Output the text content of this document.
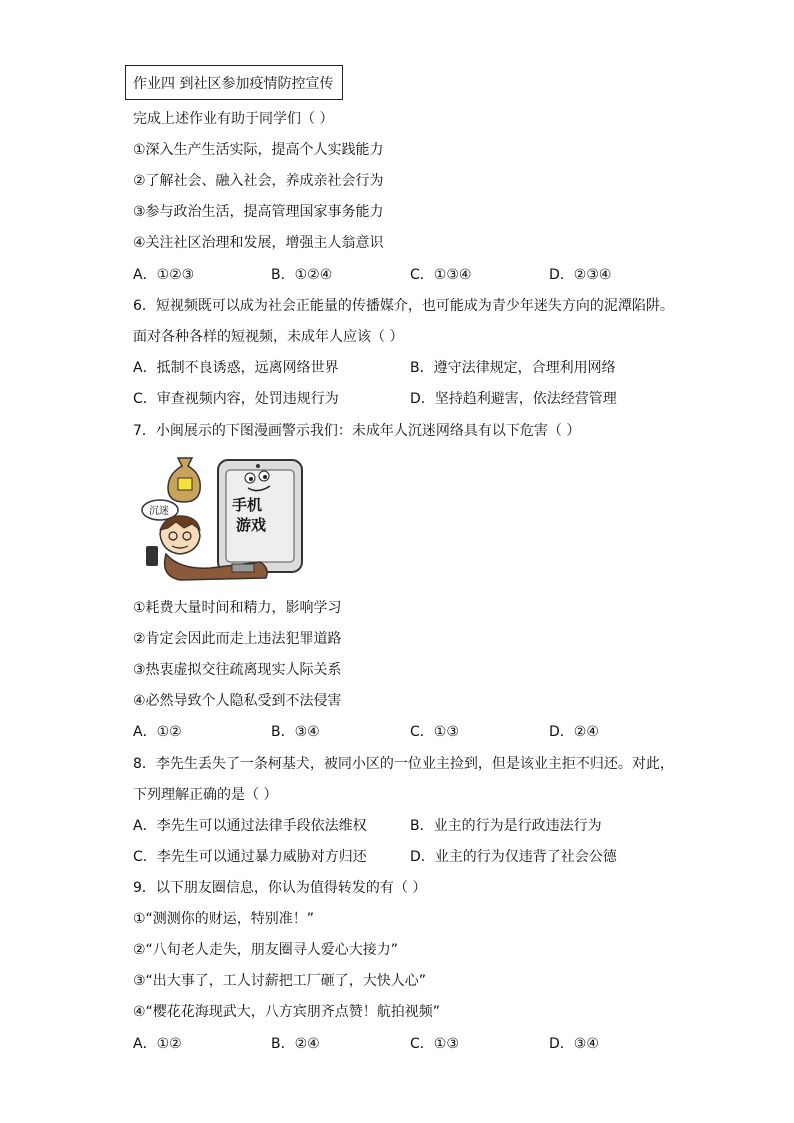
作业四 到社区参加疫情防控宣传
完成上述作业有助于同学们（ ）
①深入生产生活实际，提高个人实践能力
②了解社会、融入社会，养成亲社会行为
③参与政治生活，提高管理国家事务能力
④关注社区治理和发展，增强主人翁意识
A．①②③	B．①②④	C．①③④	D．②③④
6．短视频既可以成为社会正能量的传播媒介，也可能成为青少年迷失方向的泥潭陷阱。
面对各种各样的短视频，未成年人应该（ ）
A．抵制不良诱惑，远离网络世界	B．遵守法律规定，合理利用网络
C．审查视频内容，处罚违规行为	D．坚持趋利避害，依法经营管理
7．小闽展示的下图漫画警示我们：未成年人沉迷网络具有以下危害（ ）
手机
游戏
沉迷
①耗费大量时间和精力，影响学习
②肯定会因此而走上违法犯罪道路
③热衷虚拟交往疏离现实人际关系
④必然导致个人隐私受到不法侵害
A．①②	B．③④	C．①③	D．②④
8．李先生丢失了一条柯基犬，被同小区的一位业主捡到，但是该业主拒不归还。对此，
下列理解正确的是（ ）
A．李先生可以通过法律手段依法维权	B．业主的行为是行政违法行为
C．李先生可以通过暴力威胁对方归还	D．业主的行为仅违背了社会公德
9．以下朋友圈信息，你认为值得转发的有（ ）
①“测测你的财运，特别准！”
②“八旬老人走失，朋友圈寻人爱心大接力”
③“出大事了，工人讨薪把工厂砸了，大快人心”
④“樱花花海现武大，八方宾朋齐点赞！航拍视频”
A．①②	B．②④	C．①③	D．③④
